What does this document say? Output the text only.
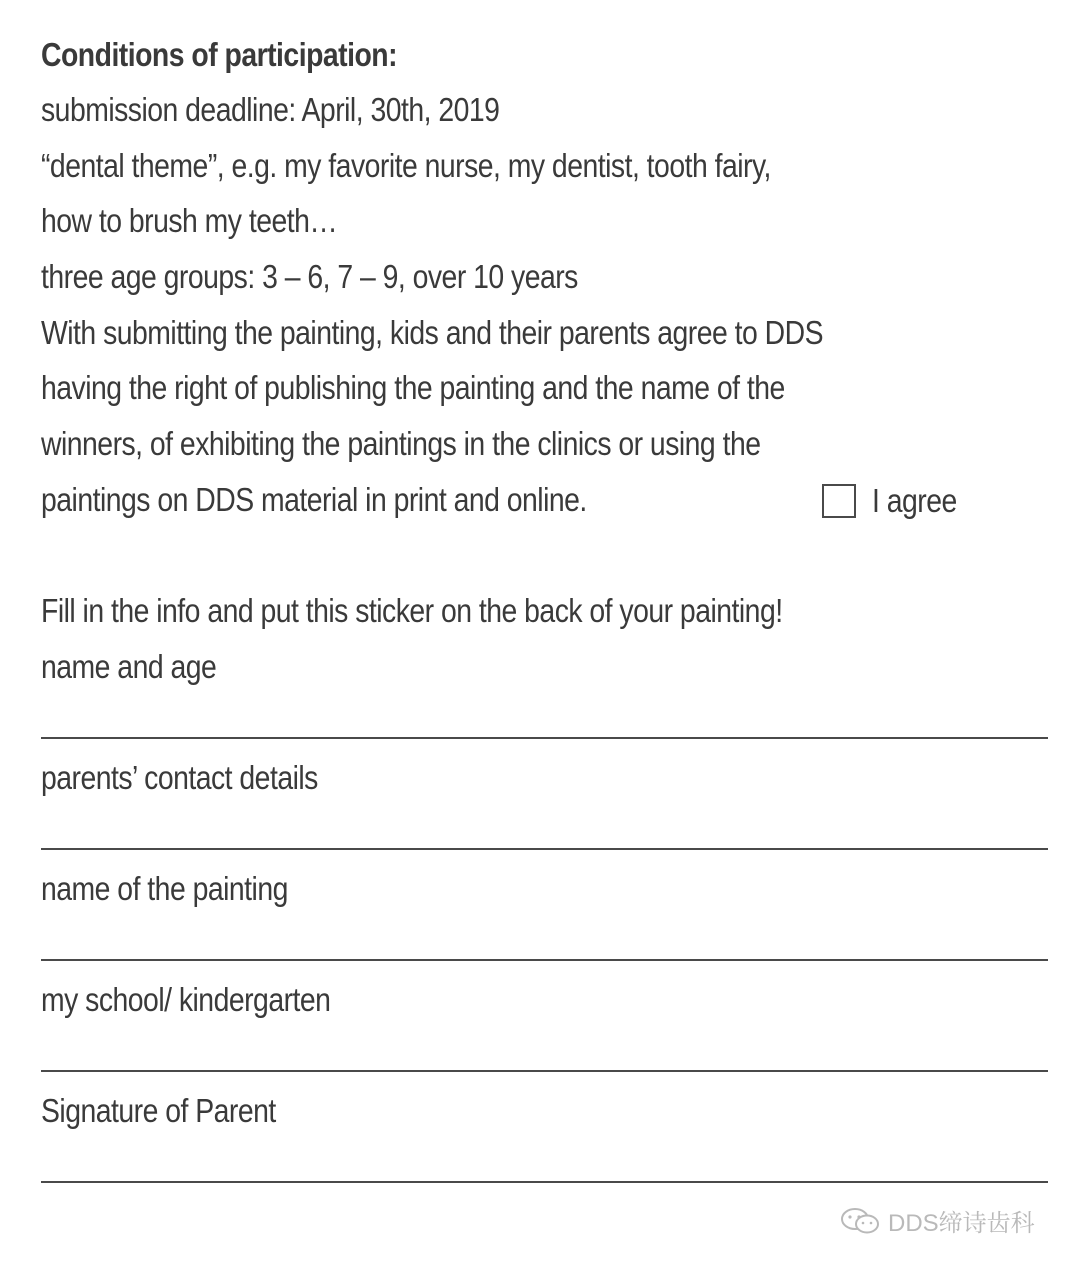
Conditions of participation:
submission deadline: April, 30th, 2019
“dental theme”, e.g. my favorite nurse, my dentist, tooth fairy,
how to brush my teeth…
three age groups: 3 – 6, 7 – 9, over 10 years
With submitting the painting, kids and their parents agree to DDS
having the right of publishing the painting and the name of the
winners, of exhibiting the paintings in the clinics or using the
paintings on DDS material in print and online.	I agree
Fill in the info and put this sticker on the back of your painting!
name and age
parents’ contact details
name of the painting
my school/ kindergarten
Signature of Parent
DDS缔诗齿科
